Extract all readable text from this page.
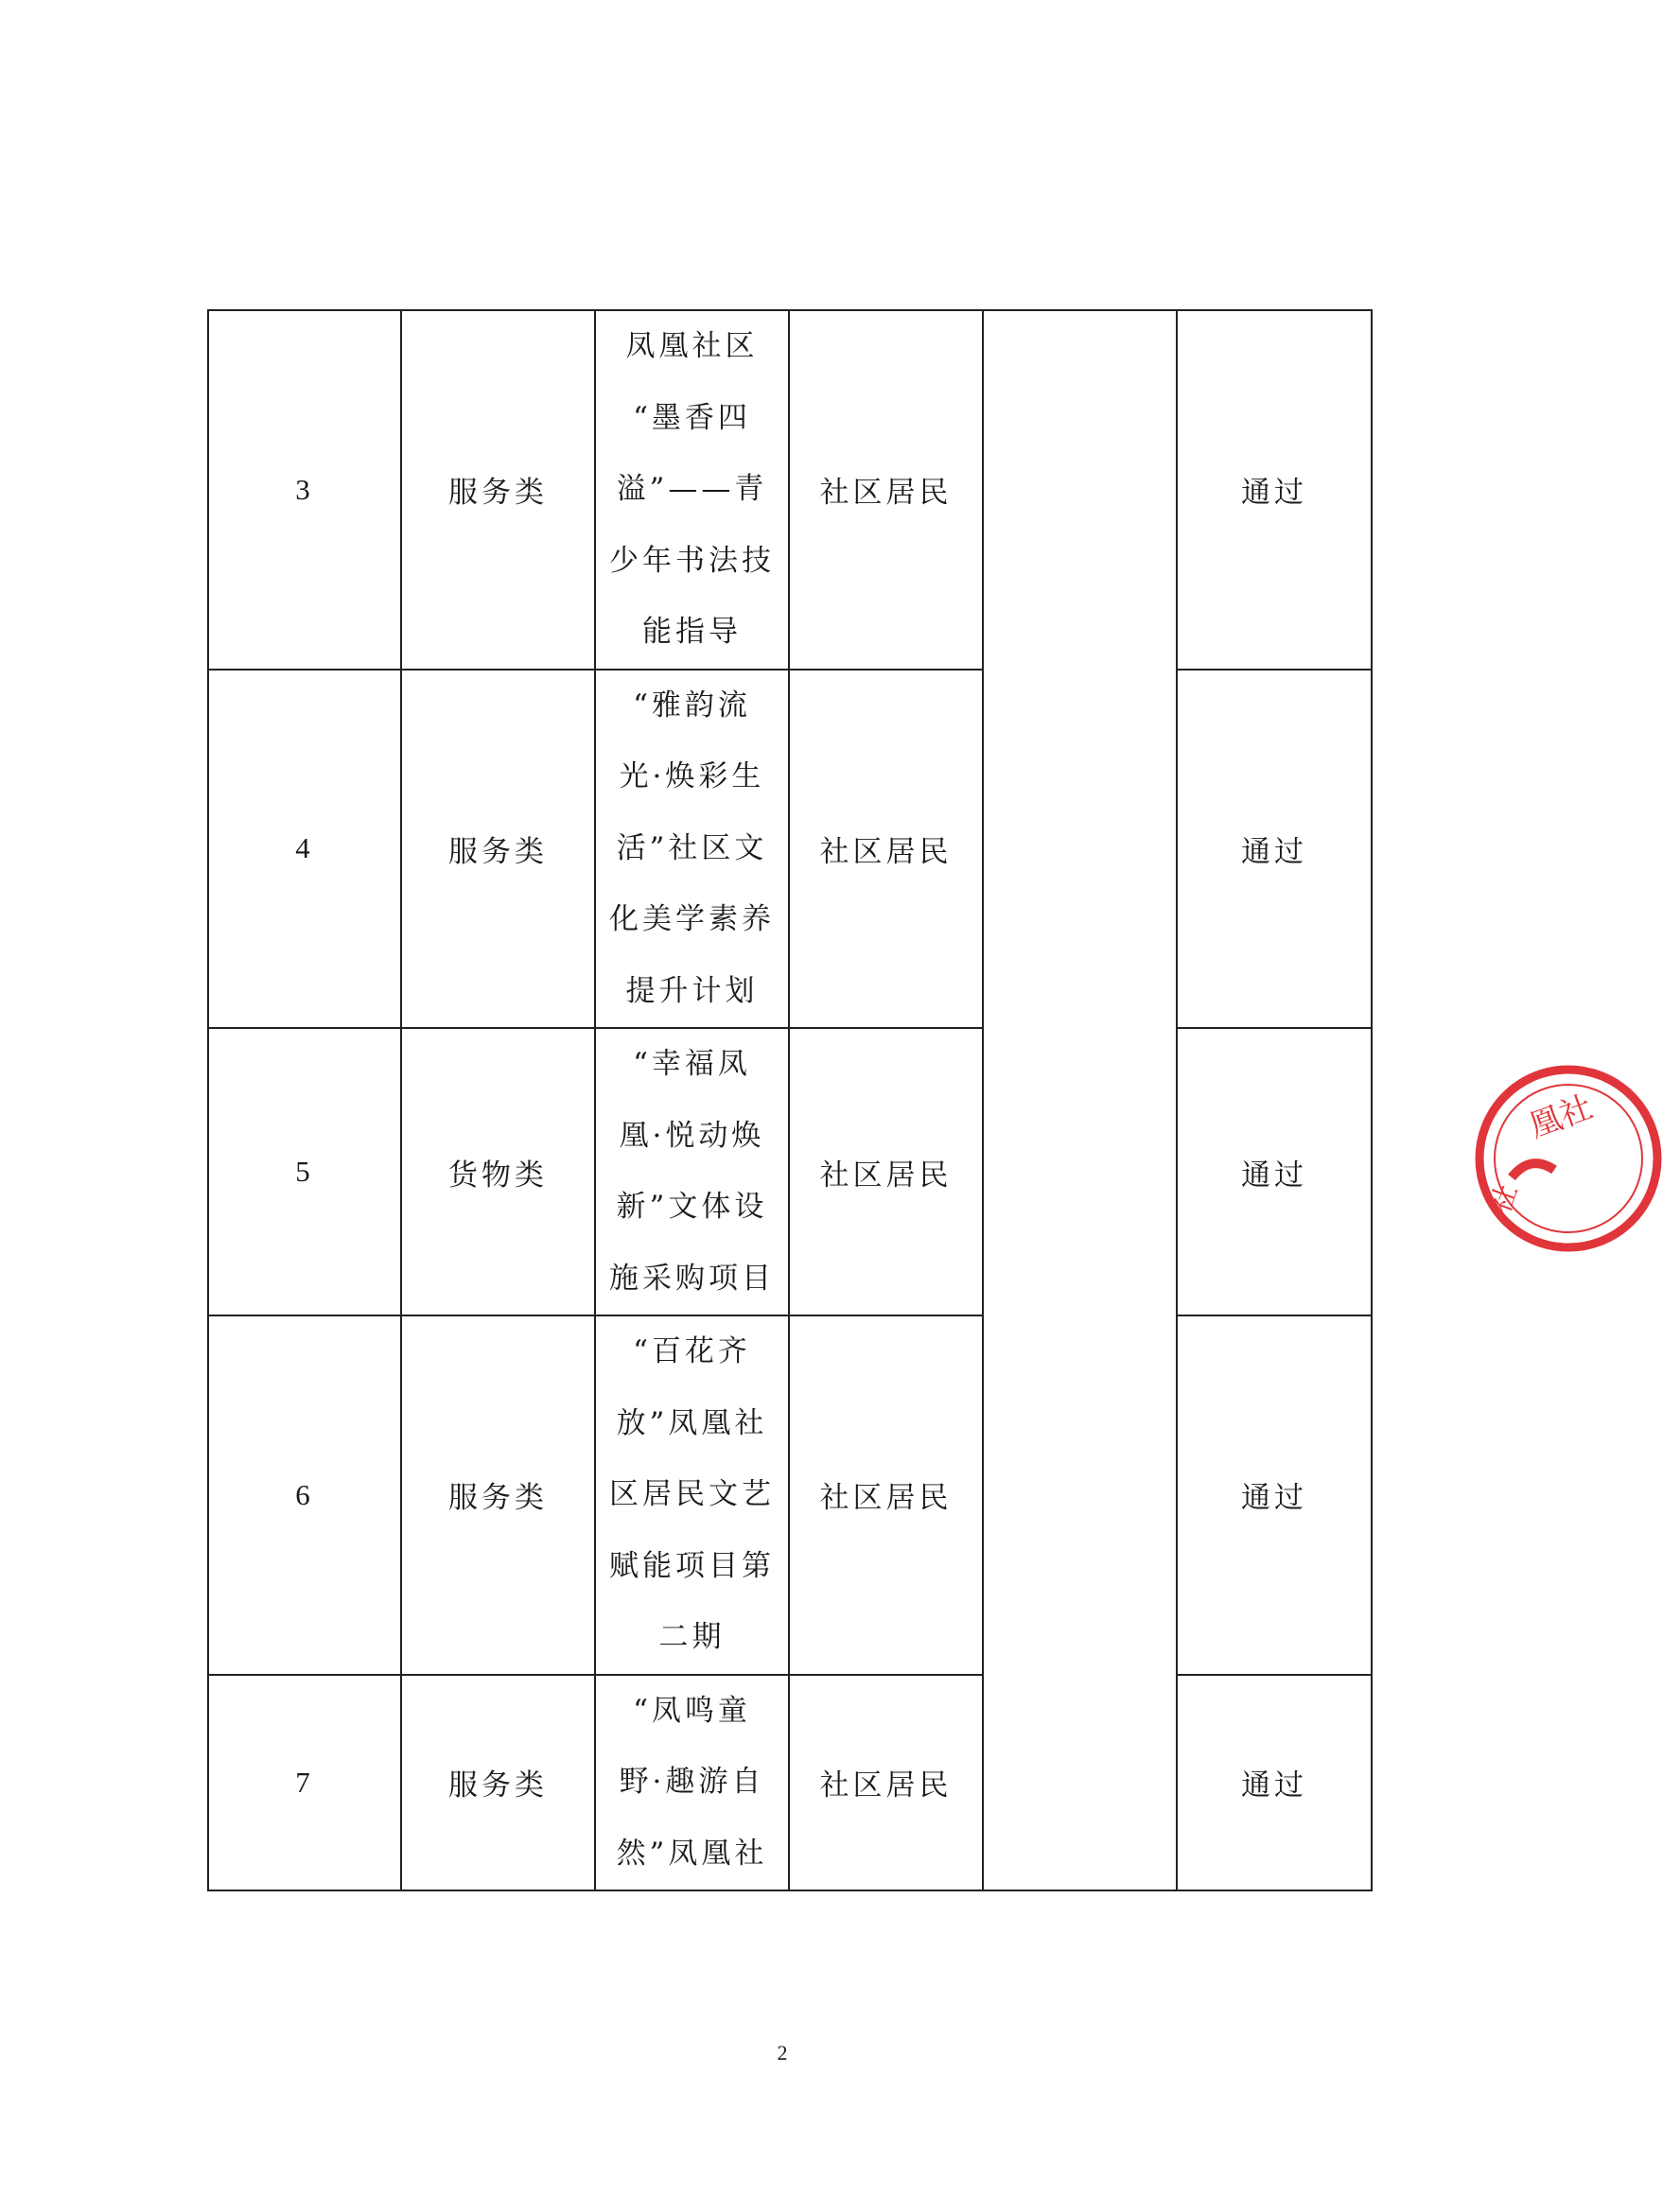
3	服务类	凤凰社区
“墨香四
溢”——青
少年书法技
能指导	社区居民		通过
4	服务类	“雅韵流
光·焕彩生
活”社区文
化美学素养
提升计划	社区居民		通过
5	货物类	“幸福凤
凰·悦动焕
新”文体设
施采购项目	社区居民		通过
6	服务类	“百花齐
放”凤凰社
区居民文艺
赋能项目第
二期	社区居民		通过
7	服务类	“凤鸣童
野·趣游自
然”凤凰社	社区居民		通过
2
凰社
社
